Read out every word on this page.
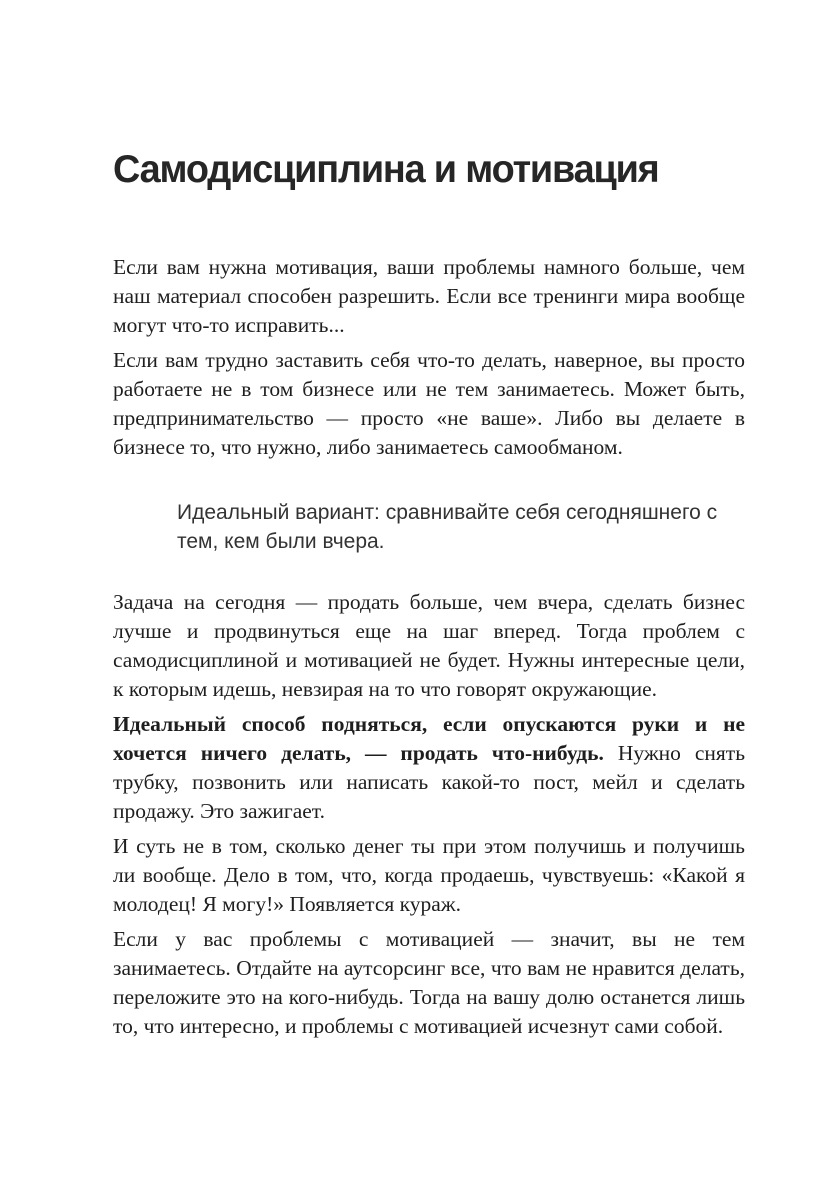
Самодисциплина и мотивация

Если вам нужна мотивация, ваши проблемы намного больше, чем наш материал способен разрешить. Если все тренинги мира вообще могут что-то исправить...

Если вам трудно заставить себя что-то делать, наверное, вы просто работаете не в том бизнесе или не тем занимаетесь. Может быть, предпринимательство — просто «не ваше». Либо вы делаете в бизнесе то, что нужно, либо занимаетесь самообманом.

Идеальный вариант: сравнивайте себя сегодняшнего с тем, кем были вчера.

Задача на сегодня — продать больше, чем вчера, сделать бизнес лучше и продвинуться еще на шаг вперед. Тогда проблем с самодисциплиной и мотивацией не будет. Нужны интересные цели, к которым идешь, невзирая на то что говорят окружающие.

Идеальный способ подняться, если опускаются руки и не хочется ничего делать, — продать что-нибудь. Нужно снять трубку, позвонить или написать какой-то пост, мейл и сделать продажу. Это зажигает.

И суть не в том, сколько денег ты при этом получишь и получишь ли вообще. Дело в том, что, когда продаешь, чувствуешь: «Какой я молодец! Я могу!» Появляется кураж.

Если у вас проблемы с мотивацией — значит, вы не тем занимаетесь. Отдайте на аутсорсинг все, что вам не нравится делать, переложите это на кого-нибудь. Тогда на вашу долю останется лишь то, что интересно, и проблемы с мотивацией исчезнут сами собой.
